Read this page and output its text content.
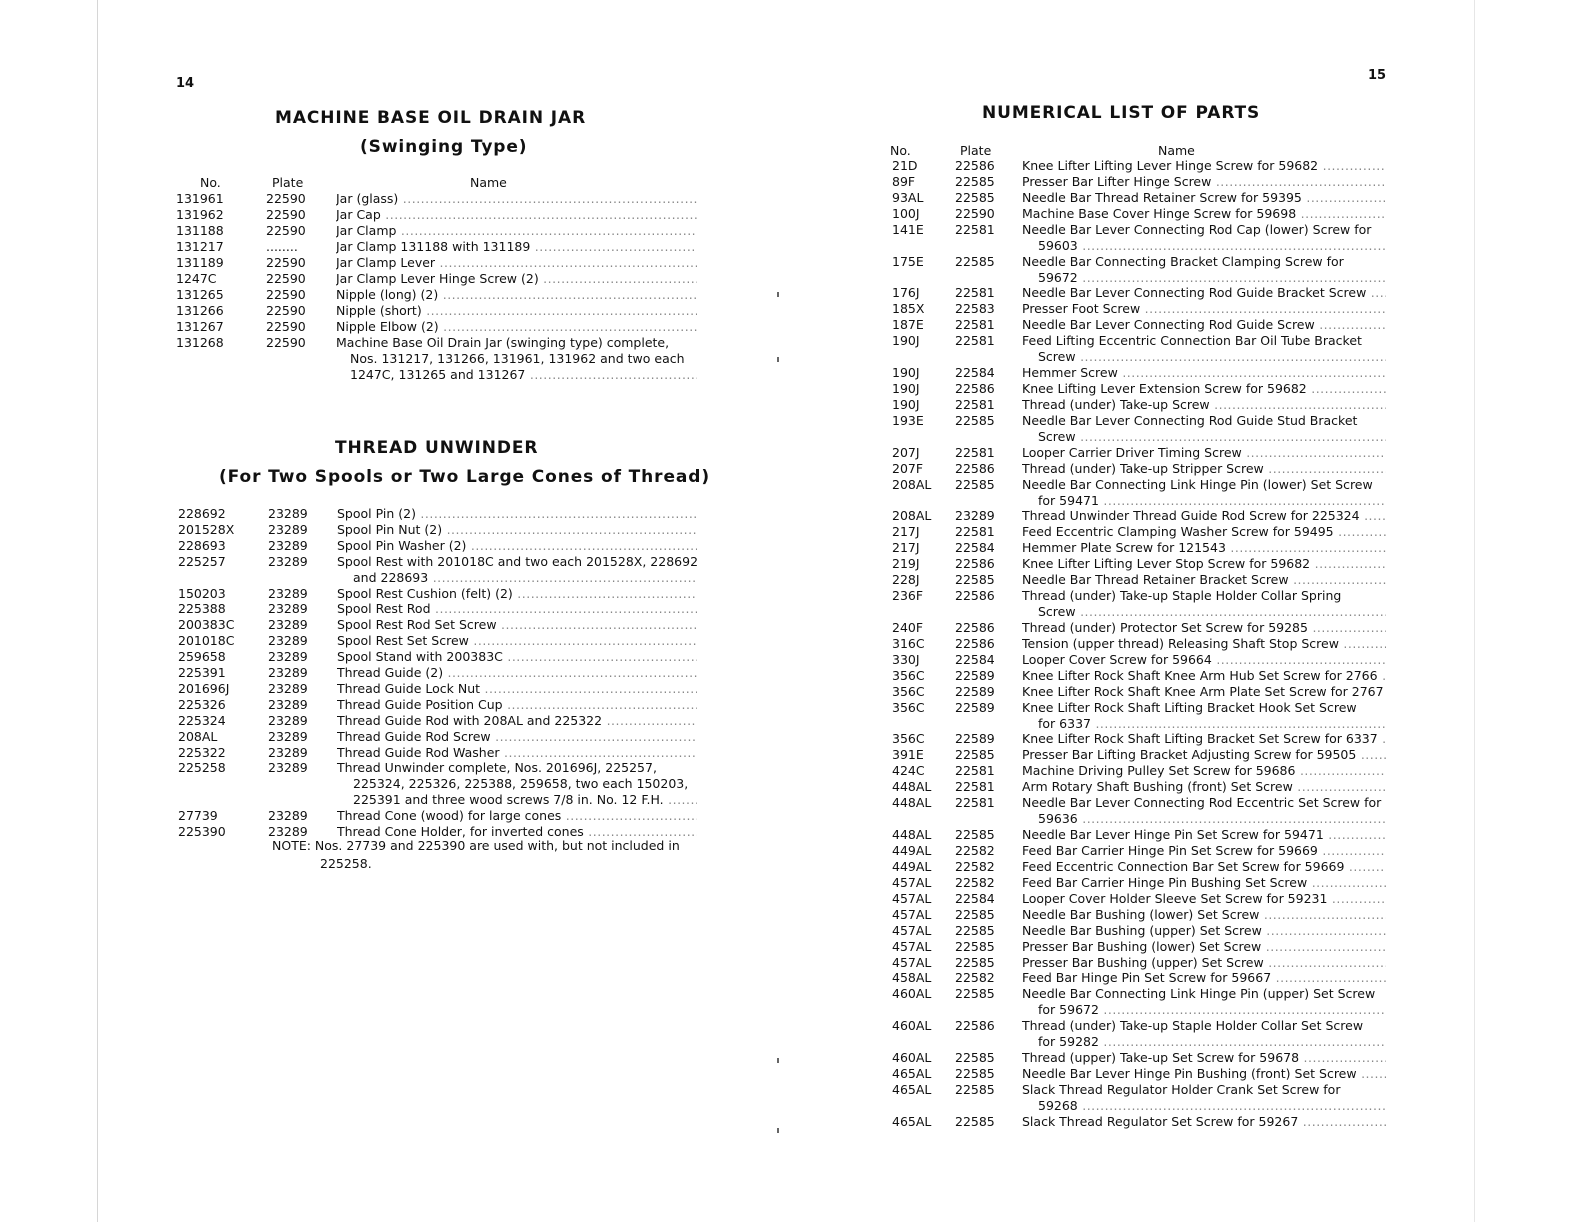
14
MACHINE BASE OIL DRAIN JAR
(Swinging Type)
No.	Plate	Name
131961	22590 Jar (glass) .....
131962	22590 Jar Cap .....
131188	22590 Jar Clamp .....
131217	........	Jar Clamp 131188 with 131189 .....
131189	22590 Jar Clamp Lever .....
1247C	22590 Jar Clamp Lever Hinge Screw (2) .....
131265	22590 Nipple (long) (2) .....
131266	22590 Nipple (short) .....
131267	22590 Nipple Elbow (2) .....
131268	22590 Machine Base Oil Drain Jar (swinging type) complete,
Nos. 131217, 131266, 131961, 131962 and two each
1247C, 131265 and 131267 .....
THREAD UNWINDER
(For Two Spools or Two Large Cones of Thread)
228692	23289 Spool Pin (2) .....
201528X	23289 Spool Pin Nut (2) .....
228693	23289 Spool Pin Washer (2) .....
225257	23289 Spool Rest with 201018C and two each 201528X, 228692
and 228693 .....
150203	23289 Spool Rest Cushion (felt) (2) .....
225388	23289 Spool Rest Rod .....
200383C	23289 Spool Rest Rod Set Screw .....
201018C	23289 Spool Rest Set Screw .....
259658	23289 Spool Stand with 200383C .....
225391	23289 Thread Guide (2) .....
201696J	23289 Thread Guide Lock Nut .....
225326	23289 Thread Guide Position Cup .....
225324	23289 Thread Guide Rod with 208AL and 225322 .....
208AL	23289 Thread Guide Rod Screw .....
225322	23289 Thread Guide Rod Washer .....
225258	23289 Thread Unwinder complete, Nos. 201696J, 225257,
225324, 225326, 225388, 259658, two each 150203,
225391 and three wood screws 7/8 in. No. 12 F.H. .....
27739	23289 Thread Cone (wood) for large cones .....
225390	23289 Thread Cone Holder, for inverted cones .....
NOTE: Nos. 27739 and 225390 are used with, but not included in
225258.
15
NUMERICAL LIST OF PARTS
No.	Plate	Name
21D	22586 Knee Lifter Lifting Lever Hinge Screw for 59682 .....
89F	22585 Presser Bar Lifter Hinge Screw .....
93AL	22585 Needle Bar Thread Retainer Screw for 59395 .....
100J	22590 Machine Base Cover Hinge Screw for 59698 .....
141E 22581 Needle Bar Lever Connecting Rod Cap (lower) Screw for
59603 .....
175E 22585 Needle Bar Connecting Bracket Clamping Screw for
59672 .....
176J	22581 Needle Bar Lever Connecting Rod Guide Bracket Screw .....
185X 22583 Presser Foot Screw .....
187E 22581 Needle Bar Lever Connecting Rod Guide Screw .....
190J	22581 Feed Lifting Eccentric Connection Bar Oil Tube Bracket
Screw .....
190J	22584 Hemmer Screw .....
190J	22586 Knee Lifting Lever Extension Screw for 59682 .....
190J	22581 Thread (under) Take-up Screw .....
193E 22585 Needle Bar Lever Connecting Rod Guide Stud Bracket
Screw .....
207J	22581 Looper Carrier Driver Timing Screw .....
207F	22586 Thread (under) Take-up Stripper Screw .....
208AL 22585 Needle Bar Connecting Link Hinge Pin (lower) Set Screw
for 59471 .....
208AL 23289 Thread Unwinder Thread Guide Rod Screw for 225324 .....
217J	22581 Feed Eccentric Clamping Washer Screw for 59495 .....
217J	22584 Hemmer Plate Screw for 121543 .....
219J	22586 Knee Lifter Lifting Lever Stop Screw for 59682 .....
228J	22585 Needle Bar Thread Retainer Bracket Screw .....
236F	22586 Thread (under) Take-up Staple Holder Collar Spring
Screw .....
240F	22586 Thread (under) Protector Set Screw for 59285 .....
316C 22586 Tension (upper thread) Releasing Shaft Stop Screw .....
330J	22584 Looper Cover Screw for 59664 .....
356C 22589 Knee Lifter Rock Shaft Knee Arm Hub Set Screw for 2766 .....
356C 22589 Knee Lifter Rock Shaft Knee Arm Plate Set Screw for 2767 .....
356C 22589 Knee Lifter Rock Shaft Lifting Bracket Hook Set Screw
for 6337 .....
356C 22589 Knee Lifter Rock Shaft Lifting Bracket Set Screw for 6337 .....
391E 22585 Presser Bar Lifting Bracket Adjusting Screw for 59505 .....
424C 22581 Machine Driving Pulley Set Screw for 59686 .....
448AL 22581 Arm Rotary Shaft Bushing (front) Set Screw .....
448AL 22581 Needle Bar Lever Connecting Rod Eccentric Set Screw for
59636 .....
448AL 22585 Needle Bar Lever Hinge Pin Set Screw for 59471 .....
449AL 22582 Feed Bar Carrier Hinge Pin Set Screw for 59669 .....
449AL 22582 Feed Eccentric Connection Bar Set Screw for 59669 .....
457AL 22582 Feed Bar Carrier Hinge Pin Bushing Set Screw .....
457AL 22584 Looper Cover Holder Sleeve Set Screw for 59231 .....
457AL 22585 Needle Bar Bushing (lower) Set Screw .....
457AL 22585 Needle Bar Bushing (upper) Set Screw .....
457AL 22585 Presser Bar Bushing (lower) Set Screw .....
457AL 22585 Presser Bar Bushing (upper) Set Screw .....
458AL 22582 Feed Bar Hinge Pin Set Screw for 59667 .....
460AL 22585 Needle Bar Connecting Link Hinge Pin (upper) Set Screw
for 59672 .....
460AL 22586 Thread (under) Take-up Staple Holder Collar Set Screw
for 59282 .....
460AL 22585 Thread (upper) Take-up Set Screw for 59678 .....
465AL 22585 Needle Bar Lever Hinge Pin Bushing (front) Set Screw .....
465AL 22585 Slack Thread Regulator Holder Crank Set Screw for
59268 .....
465AL 22585 Slack Thread Regulator Set Screw for 59267 .....
